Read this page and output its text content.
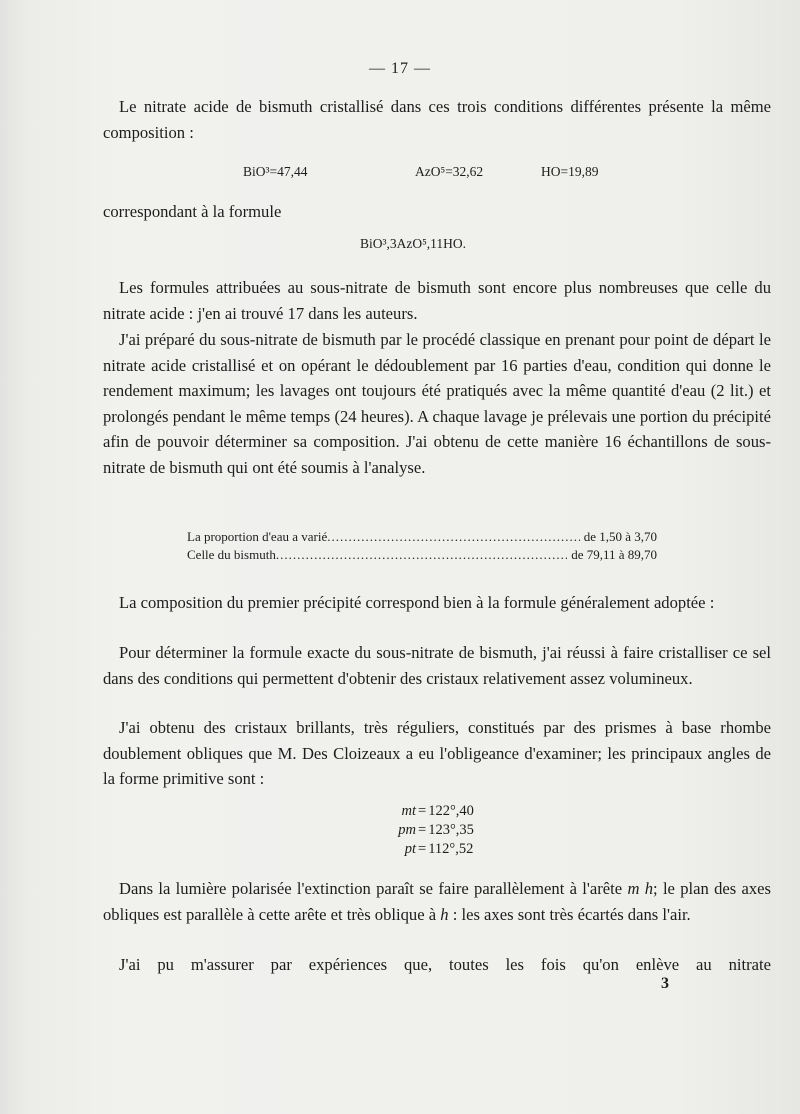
— 17 —

Le nitrate acide de bismuth cristallisé dans ces trois conditions différentes présente la même composition :

BiO³=47,44	AzO⁵=32,62	HO=19,89

correspondant à la formule

BiO³,3AzO⁵,11HO.

Les formules attribuées au sous-nitrate de bismuth sont encore plus nombreuses que celle du nitrate acide : j'en ai trouvé 17 dans les auteurs.

J'ai préparé du sous-nitrate de bismuth par le procédé classique en prenant pour point de départ le nitrate acide cristallisé et on opérant le dédoublement par 16 parties d'eau, condition qui donne le rendement maximum; les lavages ont toujours été pratiqués avec la même quantité d'eau (2 lit.) et prolongés pendant le même temps (24 heures). A chaque lavage je prélevais une portion du précipité afin de pouvoir déterminer sa composition. J'ai obtenu de cette manière 16 échantillons de sous-nitrate de bismuth qui ont été soumis à l'analyse.

La proportion d'eau a varié .....	de 1,50 à 3,70
Celle du bismuth .....	de 79,11 à 89,70

La composition du premier précipité correspond bien à la formule généralement adoptée :

Pour déterminer la formule exacte du sous-nitrate de bismuth, j'ai réussi à faire cristalliser ce sel dans des conditions qui permettent d'obtenir des cristaux relativement assez volumineux.

J'ai obtenu des cristaux brillants, très réguliers, constitués par des prismes à base rhombe doublement obliques que M. Des Cloizeaux a eu l'obligeance d'examiner; les principaux angles de la forme primitive sont :

mt = 122°,40
pm = 123°,35
pt = 112°,52

Dans la lumière polarisée l'extinction paraît se faire parallèlement à l'arête m h; le plan des axes obliques est parallèle à cette arête et très oblique à h : les axes sont très écartés dans l'air.

J'ai pu m'assurer par expériences que, toutes les fois qu'on enlève au nitrate

3
